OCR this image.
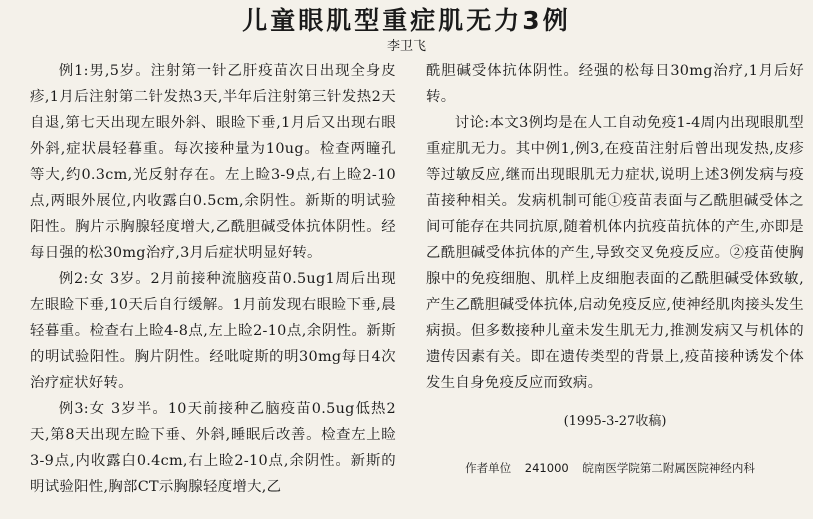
儿童眼肌型重症肌无力3例
李卫飞

例1:男,5岁。注射第一针乙肝疫苗次日出现全身皮疹,1月后注射第二针发热3天,半年后注射第三针发热2天自退,第七天出现左眼外斜、眼睑下垂,1月后又出现右眼外斜,症状晨轻暮重。每次接种量为10ug。检查两瞳孔等大,约0.3cm,光反射存在。左上睑3-9点,右上睑2-10点,两眼外展位,内收露白0.5cm,余阴性。新斯的明试验阳性。胸片示胸腺轻度增大,乙酰胆碱受体抗体阴性。经每日强的松30mg治疗,3月后症状明显好转。

例2:女 3岁。2月前接种流脑疫苗0.5ug1周后出现左眼睑下垂,10天后自行缓解。1月前发现右眼睑下垂,晨轻暮重。检查右上睑4-8点,左上睑2-10点,余阴性。新斯的明试验阳性。胸片阴性。经吡啶斯的明30mg每日4次治疗症状好转。

例3:女 3岁半。10天前接种乙脑疫苗0.5ug低热2天,第8天出现左睑下垂、外斜,睡眠后改善。检查左上睑3-9点,内收露白0.4cm,右上睑2-10点,余阴性。新斯的明试验阳性,胸部CT示胸腺轻度增大,乙

酰胆碱受体抗体阴性。经强的松每日30mg治疗,1月后好转。

讨论:本文3例均是在人工自动免疫1-4周内出现眼肌型重症肌无力。其中例1,例3,在疫苗注射后曾出现发热,皮疹等过敏反应,继而出现眼肌无力症状,说明上述3例发病与疫苗接种相关。发病机制可能①疫苗表面与乙酰胆碱受体之间可能存在共同抗原,随着机体内抗疫苗抗体的产生,亦即是乙酰胆碱受体抗体的产生,导致交叉免疫反应。②疫苗使胸腺中的免疫细胞、肌样上皮细胞表面的乙酰胆碱受体致敏,产生乙酰胆碱受体抗体,启动免疫反应,使神经肌肉接头发生病损。但多数接种儿童未发生肌无力,推测发病又与机体的遗传因素有关。即在遗传类型的背景上,疫苗接种诱发个体发生自身免疫反应而致病。

(1995-3-27收稿)
作者单位 241000 皖南医学院第二附属医院神经内科
